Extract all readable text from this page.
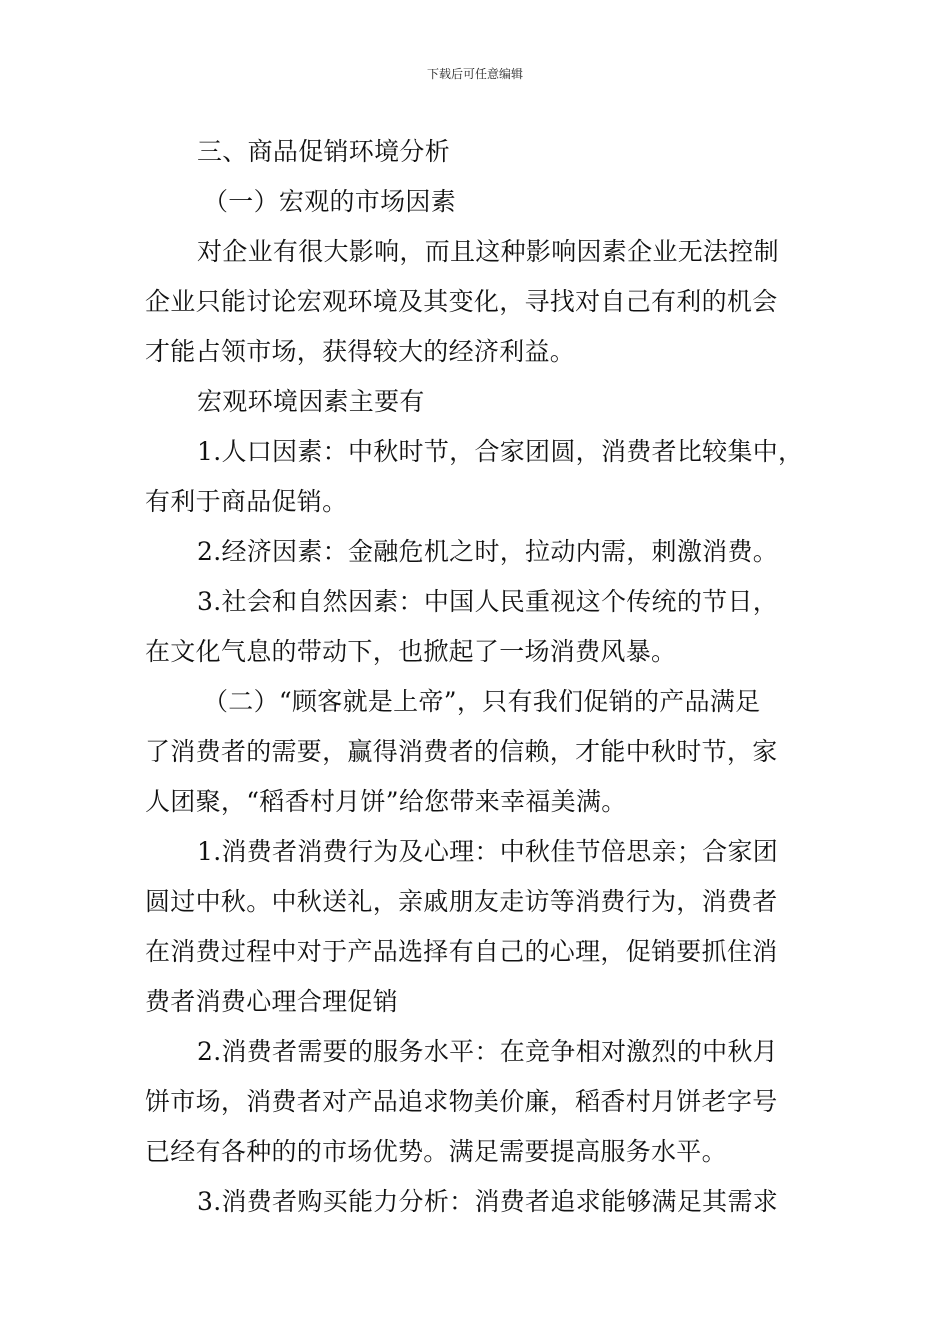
下载后可任意编辑

三、商品促销环境分析

（一）宏观的市场因素

对企业有很大影响，而且这种影响因素企业无法控制

企业只能讨论宏观环境及其变化，寻找对自己有利的机会

才能占领市场，获得较大的经济利益。

宏观环境因素主要有

1.人口因素：中秋时节，合家团圆，消费者比较集中，

有利于商品促销。

2.经济因素：金融危机之时，拉动内需，刺激消费。

3.社会和自然因素：中国人民重视这个传统的节日，

在文化气息的带动下，也掀起了一场消费风暴。

（二）“顾客就是上帝”，只有我们促销的产品满足

了消费者的需要，赢得消费者的信赖，才能中秋时节，家

人团聚，“稻香村月饼”给您带来幸福美满。

1.消费者消费行为及心理：中秋佳节倍思亲；合家团

圆过中秋。中秋送礼，亲戚朋友走访等消费行为，消费者

在消费过程中对于产品选择有自己的心理，促销要抓住消

费者消费心理合理促销

2.消费者需要的服务水平：在竞争相对激烈的中秋月

饼市场，消费者对产品追求物美价廉，稻香村月饼老字号

已经有各种的的市场优势。满足需要提高服务水平。

3.消费者购买能力分析：消费者追求能够满足其需求
